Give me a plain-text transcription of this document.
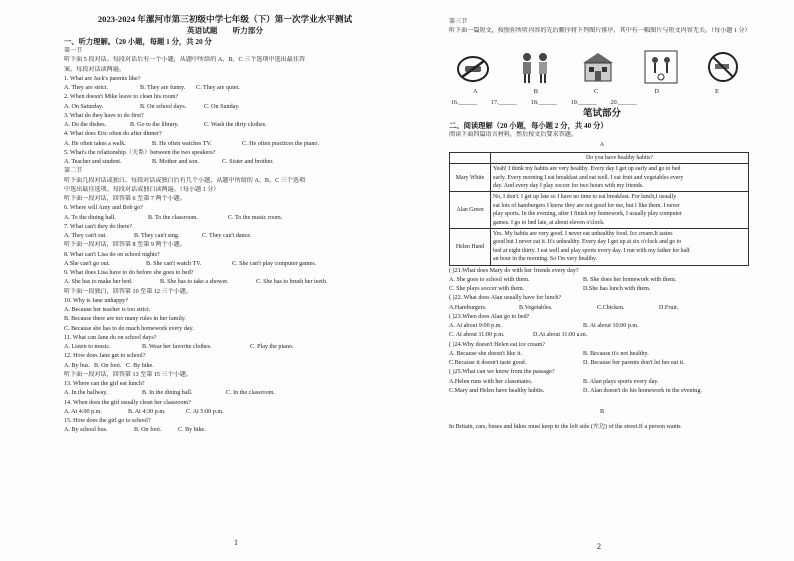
2023-2024 年漯河市第三初级中学七年级（下）第一次学业水平测试
英语试题　　听力部分
一、听力理解。（20 小题，每题 1 分，共 20 分
第一节
听下面 5 段对话。每段对话后有一个小题，从题中所给的 A、B、C 三个选项中选出最佳答
案。每段对话读两遍。
1. What are Jack's parents like?
A. They are strict.	B. They are funny.	C. They are quiet.
2. When doesn't Mike leave to clean his room?
A. On Saturday.	B. On school days.	C. On Sunday.
3. What do they have to do first?
A. Do the dishes.	B. Go to the library.	C. Wash the dirty clothes.
4. What does Eric often do after dinner?
A. He often takes a walk.	B. He often watches TV.	C. He often practices the piano.
5. What's the relationship（关系）between the two speakers?
A. Teacher and student.	B. Mother and son.	C. Sister and brother.
第二节
听下面几段对话或独白。每段对话或独白后有几个小题，从题中所给的 A、B、C 三个选项
中选出最佳选项。每段对话或独白读两遍。（每小题 1 分）
听下面一段对话，回答第 6 至第 7 两个小题。
6. Where will Amy and Bob go?
A. To the dining hall.	B. To the classroom.	C. To the music room.
7. What can't they do there?
A. They can't eat.	B. They can't sing.	C. They can't dance.
听下面一段对话，回答第 8 至第 9 两个小题。
8. What can't Lisa do on school nights?
A She can't go out.	B. She can't watch TV.	C. She can't play computer games.
9. What does Lisa have to do before she goes to bed?
A. She has to make her bed.	B. She has to take a shower.	C. She has to brush her teeth.
听下面一段独白，回答第 10 至第 12 三个小题。
10. Why is Jane unhappy?
A. Because her teacher is too strict.
B. Because there are too many rules in her family.
C. Because she has to do much homework every day.
11. What can Jane do on school days?
A. Listen to music.	B. Wear her favorite clothes.	C. Play the piano.
12. How does Jane get to school?
A. By bus. B. On foot. C. By bike.
听下面一段对话，回答第 13 至第 15 三个小题。
13. Where can the girl eat lunch?
A. In the hallway.	B. In the dining hall.	C. In the classroom.
14. When does the girl usually clean her classroom?
A. At 4:00 p.m.	B. At 4:30 p.m.	C. At 5:00 p.m.
15. How does the girl go to school?
A. By school bus.	B. On foot.	C. By bike.
1
第三节
听下面一篇短文，按照你所听内容的先后顺序将下列图片排序，其中有一幅图片与短文内容无关。（每小题 1 分）
A	B	C	D	E
16.______ 17.______ 18.______ 19.______ 20.______
笔试部分
二、阅读理解（20 小题，每小题 2 分，共 40 分）
阅读下面四篇语言材料，然后按文后要求答题。
A
	Do you have healthy habits?
Mary White	Yeah! I think my habits are very healthy. Every day I get up early and go to bed
early. Every morning I eat breakfast and eat well. I eat fruit and vegetables every
day. And every day I play soccer for two hours with my friends.

Alan Green	No, I don't. I get up late so I have no time to eat breakfast. For lunch,I usually
eat lots of hamburgers I know they are not good for me, but I like them. I never
play sports. In the evening, after I finish my homework, I usually play computer
games. I go to bed late, at about eleven o'clock.

Helen Hand	Yes. My habits are very good. I never eat unhealthy food. Ice cream.It tastes
good but I never eat it. It's unhealthy. Every day I get up at six o'clock and go to
bed at eight thirty. I eat well and play sports every day. I run with my father for half
an hour in the morning. So I'm very healthy.
( )21.What does Mary do with her friends every day?
A. She goes to school with them.	B. She does her homework with them.
C. She plays soccer with them.	D.She has lunch with them.
( )22. What does Alan usually have for lunch?
A.Hamburgers.	B.Vegetables.	C.Chicken.	D.Fruit.
( )23.When does Alan go to bed?
A. At about 9:00 p.m.	B. At about 10:00 p.m.
C. At about 11:00 p.m.	D.At about 11:00 a.m.
( )24.Why doesn't Helen eat ice cream?
A. Because she doesn't like it.	B. Because it's not healthy.
C.Because it doesn't taste good.	D. Because her parents don't let her eat it.
( )25.What can we know from the passage?
A.Helen runs with her classmates.	B. Alan plays sports every day.
C.Mary and Helen have healthy habits.	D. Alan doesn't do his homework in the evening.
B
In Britain, cars, buses and bikes must keep to the left side (左边) of the street.If a person wants
2
